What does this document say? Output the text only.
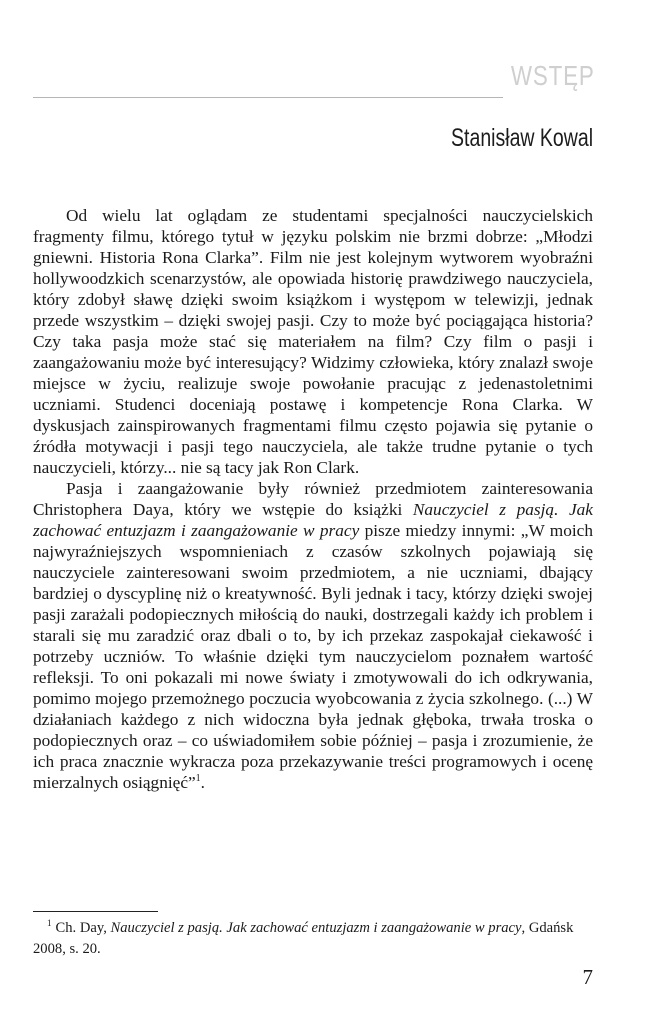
WSTĘP
Stanisław Kowal

Od wielu lat oglądam ze studentami specjalności nauczycielskich fragmenty filmu, którego tytuł w języku polskim nie brzmi dobrze: „Młodzi gniewni. Historia Rona Clarka”. Film nie jest kolejnym wytworem wyobraźni hollywoodzkich scenarzystów, ale opowiada historię prawdziwego nauczyciela, który zdobył sławę dzięki swoim książkom i występom w telewizji, jednak przede wszystkim – dzięki swojej pasji. Czy to może być pociągająca historia? Czy taka pasja może stać się materiałem na film? Czy film o pasji i zaangażowaniu może być interesujący? Widzimy człowieka, który znalazł swoje miejsce w życiu, realizuje swoje powołanie pracując z jedenastoletnimi uczniami. Studenci doceniają postawę i kompetencje Rona Clarka. W dyskusjach zainspirowanych fragmentami filmu często pojawia się pytanie o źródła motywacji i pasji tego nauczyciela, ale także trudne pytanie o tych nauczycieli, którzy... nie są tacy jak Ron Clark.

Pasja i zaangażowanie były również przedmiotem zainteresowania Christophera Daya, który we wstępie do książki Nauczyciel z pasją. Jak zachować entuzjazm i zaangażowanie w pracy pisze miedzy innymi: „W moich najwyraźniejszych wspomnieniach z czasów szkolnych pojawiają się nauczyciele zainteresowani swoim przedmiotem, a nie uczniami, dbający bardziej o dyscyplinę niż o kreatywność. Byli jednak i tacy, którzy dzięki swojej pasji zarażali podopiecznych miłością do nauki, dostrzegali każdy ich problem i starali się mu zaradzić oraz dbali o to, by ich przekaz zaspokajał ciekawość i potrzeby uczniów. To właśnie dzięki tym nauczycielom poznałem wartość refleksji. To oni pokazali mi nowe światy i zmotywowali do ich odkrywania, pomimo mojego przemożnego poczucia wyobcowania z życia szkolnego. (...) W działaniach każdego z nich widoczna była jednak głęboka, trwała troska o podopiecznych oraz – co uświadomiłem sobie później – pasja i zrozumienie, że ich praca znacznie wykracza poza przekazywanie treści programowych i ocenę mierzalnych osiągnięć”$^1$.

$^1$ Ch. Day, Nauczyciel z pasją. Jak zachować entuzjazm i zaangażowanie w pracy, Gdańsk 2008, s. 20.
7
